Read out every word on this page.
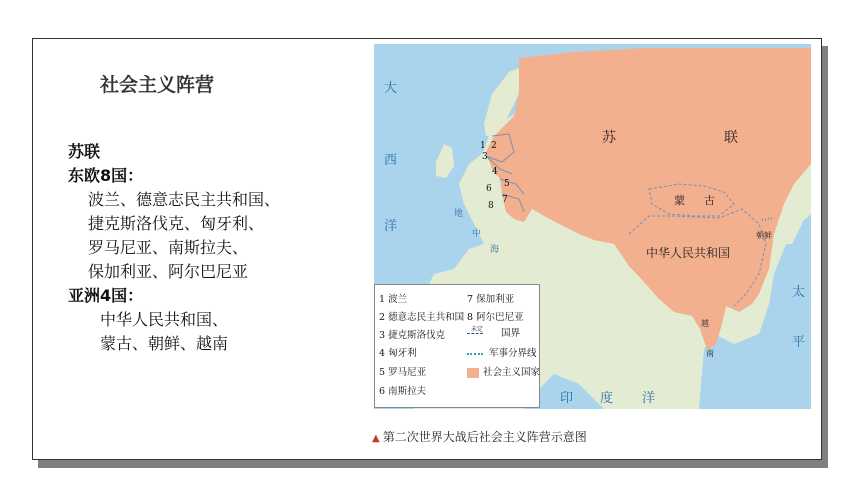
社会主义阵营
苏联
东欧8国：
波兰、德意志民主共和国、
捷克斯洛伐克、匈牙利、
罗马尼亚、南斯拉夫、
保加利亚、阿尔巴尼亚
亚洲4国：
中华人民共和国、
蒙古、朝鲜、越南
苏	联
蒙 古
中华人民共和国
朝鲜
越
南
大
西
洋
太
平
印 度 洋
地
中
海
1 2
3
4
5
6
7
8
1 波兰
2 德意志民主共和国
3 捷克斯洛伐克
4 匈牙利
5 罗马尼亚
6 南斯拉夫
7 保加利亚
8 阿尔巴尼亚
$^{未定}$ 国界
军事分界线
社会主义国家
▲ 第二次世界大战后社会主义阵营示意图
